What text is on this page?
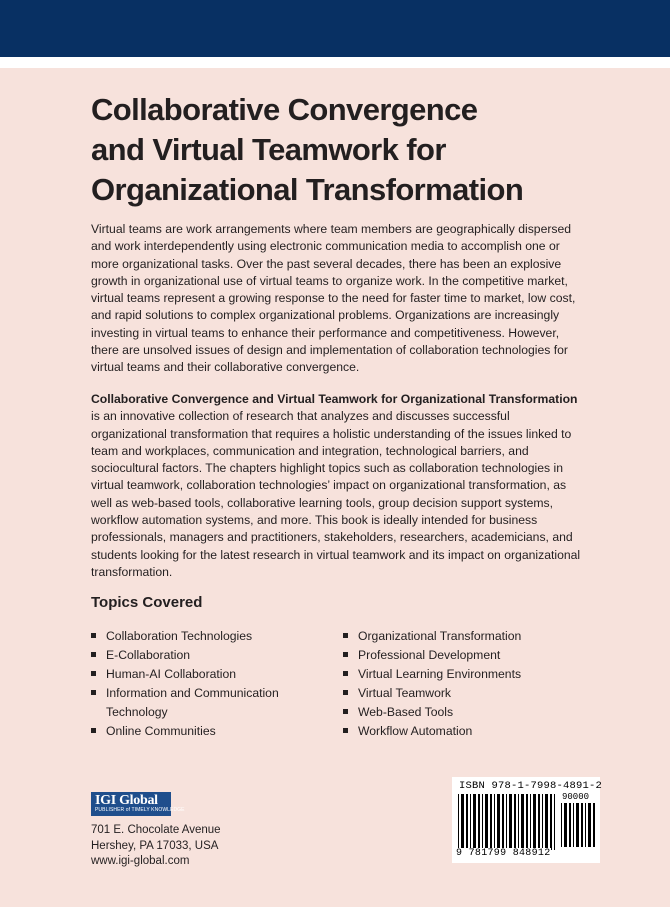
Collaborative Convergence
and Virtual Teamwork for
Organizational Transformation
Virtual teams are work arrangements where team members are geographically dispersed and work interdependently using electronic communication media to accomplish one or more organizational tasks. Over the past several decades, there has been an explosive growth in organizational use of virtual teams to organize work. In the competitive market, virtual teams represent a growing response to the need for faster time to market, low cost, and rapid solutions to complex organizational problems. Organizations are increasingly investing in virtual teams to enhance their performance and competitiveness. However, there are unsolved issues of design and implementation of collaboration technologies for virtual teams and their collaborative convergence.
Collaborative Convergence and Virtual Teamwork for Organizational Transformation is an innovative collection of research that analyzes and discusses successful organizational transformation that requires a holistic understanding of the issues linked to team and workplaces, communication and integration, technological barriers, and sociocultural factors. The chapters highlight topics such as collaboration technologies in virtual teamwork, collaboration technologies’ impact on organizational transformation, as well as web-based tools, collaborative learning tools, group decision support systems, workflow automation systems, and more. This book is ideally intended for business professionals, managers and practitioners, stakeholders, researchers, academicians, and students looking for the latest research in virtual teamwork and its impact on organizational transformation.
Topics Covered
Collaboration Technologies
E-Collaboration
Human-AI Collaboration
Information and Communication Technology
Online Communities
Organizational Transformation
Professional Development
Virtual Learning Environments
Virtual Teamwork
Web-Based Tools
Workflow Automation
IGI Global
PUBLISHER of TIMELY KNOWLEDGE
701 E. Chocolate Avenue
Hershey, PA 17033, USA
www.igi-global.com
ISBN 978-1-7998-4891-2
90000
9 781799 848912
